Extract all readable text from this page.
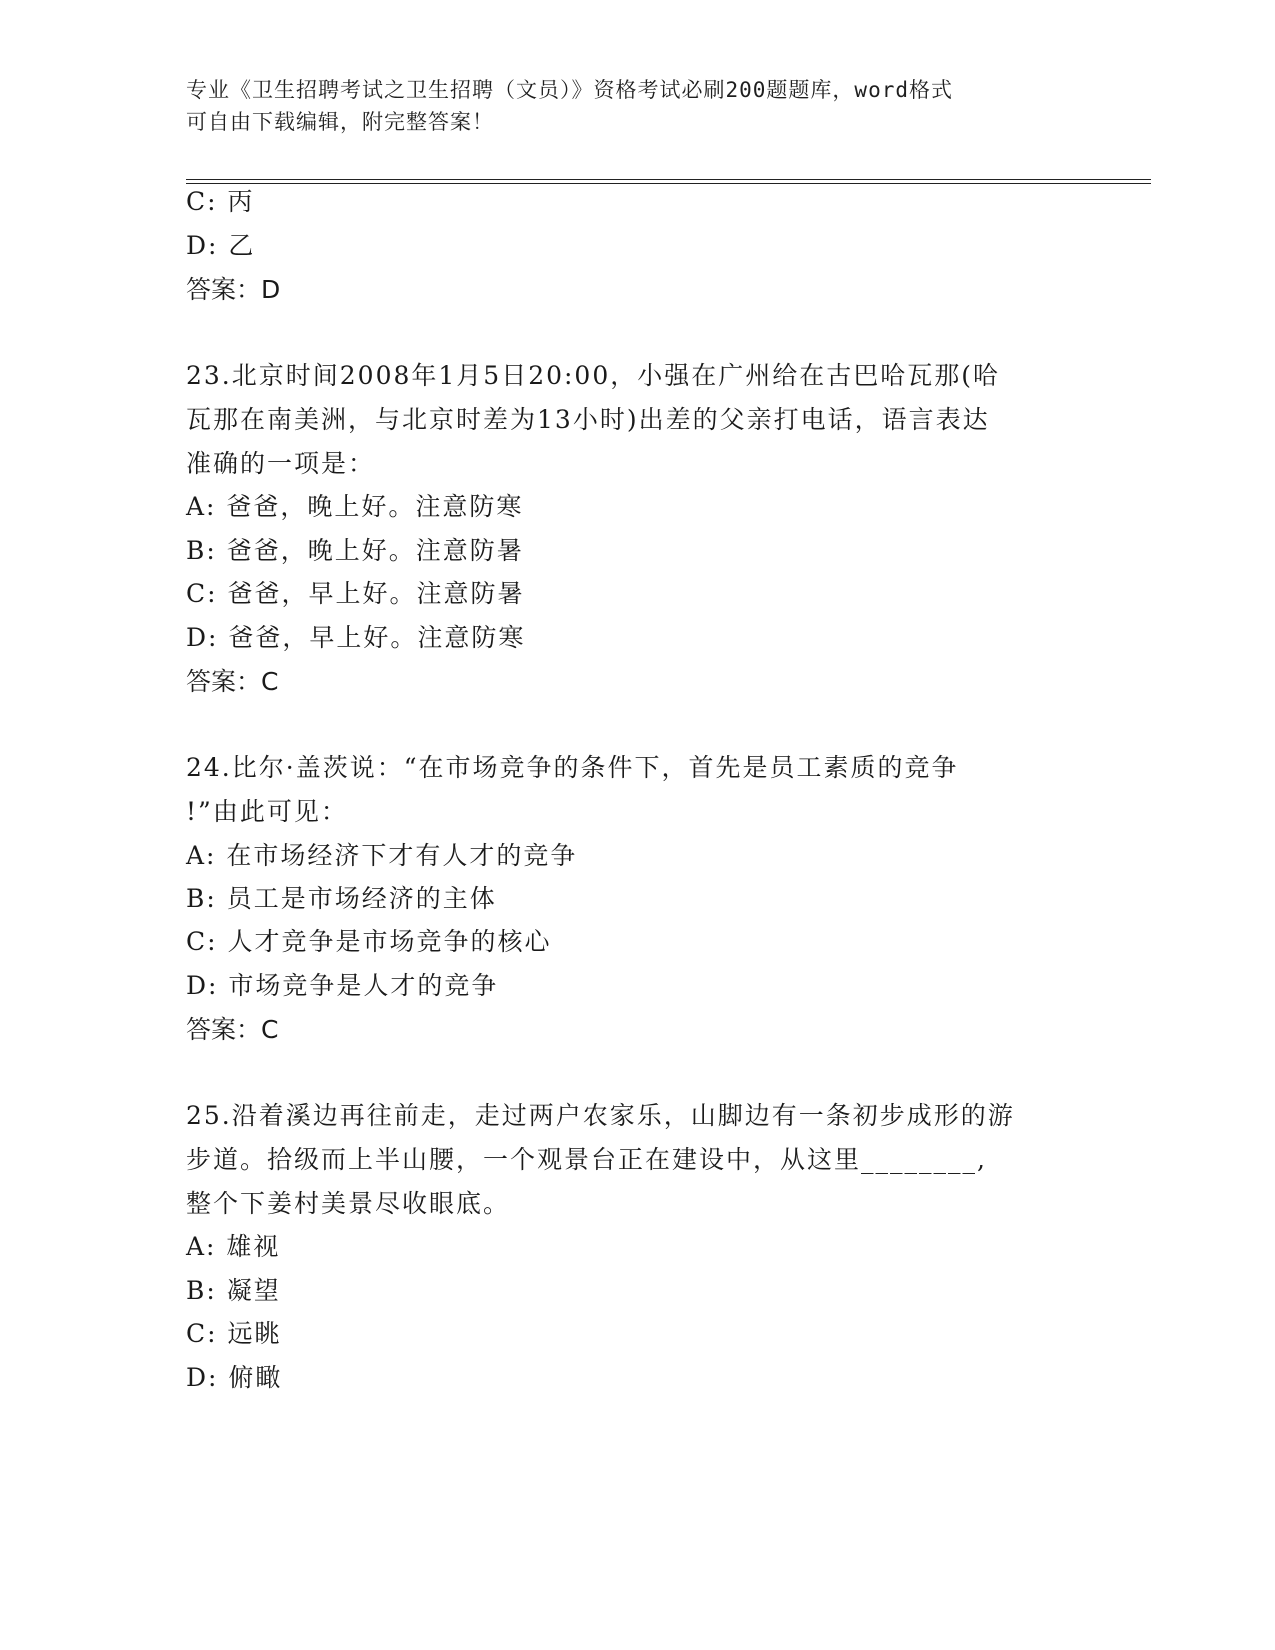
专业《卫生招聘考试之卫生招聘（文员）》资格考试必刷200题题库，word格式
可自由下载编辑，附完整答案！
C: 丙
D: 乙
答案：D
23.北京时间2008年1月5日20:00，小强在广州给在古巴哈瓦那(哈
瓦那在南美洲，与北京时差为13小时)出差的父亲打电话，语言表达
准确的一项是：
A: 爸爸，晚上好。注意防寒
B: 爸爸，晚上好。注意防暑
C: 爸爸，早上好。注意防暑
D: 爸爸，早上好。注意防寒
答案：C
24.比尔·盖茨说：“在市场竞争的条件下，首先是员工素质的竞争
!”由此可见：
A: 在市场经济下才有人才的竞争
B: 员工是市场经济的主体
C: 人才竞争是市场竞争的核心
D: 市场竞争是人才的竞争
答案：C
25.沿着溪边再往前走，走过两户农家乐，山脚边有一条初步成形的游
步道。拾级而上半山腰，一个观景台正在建设中，从这里________,
整个下姜村美景尽收眼底。
A: 雄视
B: 凝望
C: 远眺
D: 俯瞰
